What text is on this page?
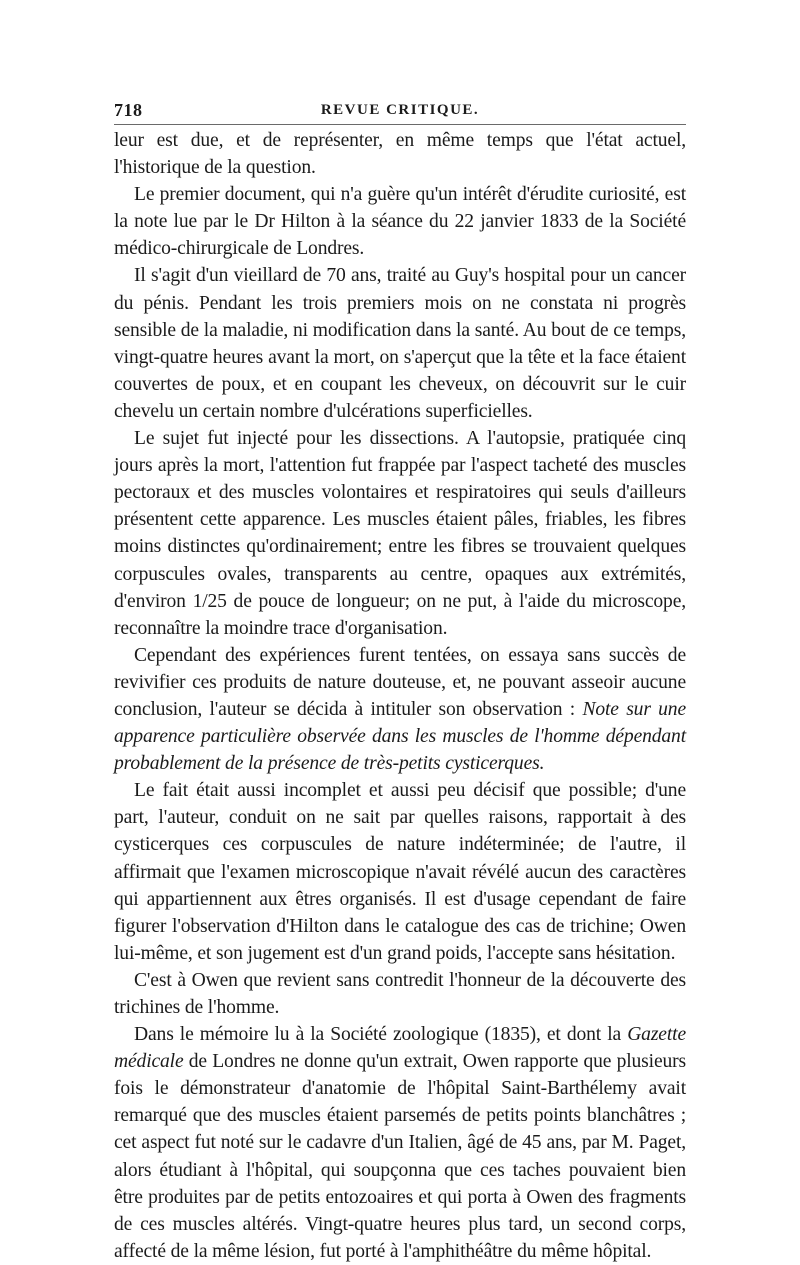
718	REVUE CRITIQUE.

leur est due, et de représenter, en même temps que l'état actuel, l'historique de la question.

Le premier document, qui n'a guère qu'un intérêt d'érudite curiosité, est la note lue par le Dr Hilton à la séance du 22 janvier 1833 de la Société médico-chirurgicale de Londres.

Il s'agit d'un vieillard de 70 ans, traité au Guy's hospital pour un cancer du pénis. Pendant les trois premiers mois on ne constata ni progrès sensible de la maladie, ni modification dans la santé. Au bout de ce temps, vingt-quatre heures avant la mort, on s'aperçut que la tête et la face étaient couvertes de poux, et en coupant les cheveux, on découvrit sur le cuir chevelu un certain nombre d'ulcérations superficielles.

Le sujet fut injecté pour les dissections. A l'autopsie, pratiquée cinq jours après la mort, l'attention fut frappée par l'aspect tacheté des muscles pectoraux et des muscles volontaires et respiratoires qui seuls d'ailleurs présentent cette apparence. Les muscles étaient pâles, friables, les fibres moins distinctes qu'ordinairement; entre les fibres se trouvaient quelques corpuscules ovales, transparents au centre, opaques aux extrémités, d'environ 1/25 de pouce de longueur; on ne put, à l'aide du microscope, reconnaître la moindre trace d'organisation.

Cependant des expériences furent tentées, on essaya sans succès de revivifier ces produits de nature douteuse, et, ne pouvant asseoir aucune conclusion, l'auteur se décida à intituler son observation : Note sur une apparence particulière observée dans les muscles de l'homme dépendant probablement de la présence de très-petits cysticerques.

Le fait était aussi incomplet et aussi peu décisif que possible; d'une part, l'auteur, conduit on ne sait par quelles raisons, rapportait à des cysticerques ces corpuscules de nature indéterminée; de l'autre, il affirmait que l'examen microscopique n'avait révélé aucun des caractères qui appartiennent aux êtres organisés. Il est d'usage cependant de faire figurer l'observation d'Hilton dans le catalogue des cas de trichine; Owen lui-même, et son jugement est d'un grand poids, l'accepte sans hésitation.

C'est à Owen que revient sans contredit l'honneur de la découverte des trichines de l'homme.

Dans le mémoire lu à la Société zoologique (1835), et dont la Gazette médicale de Londres ne donne qu'un extrait, Owen rapporte que plusieurs fois le démonstrateur d'anatomie de l'hôpital Saint-Barthélemy avait remarqué que des muscles étaient parsemés de petits points blanchâtres ; cet aspect fut noté sur le cadavre d'un Italien, âgé de 45 ans, par M. Paget, alors étudiant à l'hôpital, qui soupçonna que ces taches pouvaient bien être produites par de petits entozoaires et qui porta à Owen des fragments de ces muscles altérés. Vingt-quatre heures plus tard, un second corps, affecté de la même lésion, fut porté à l'amphithéâtre du même hôpital.
